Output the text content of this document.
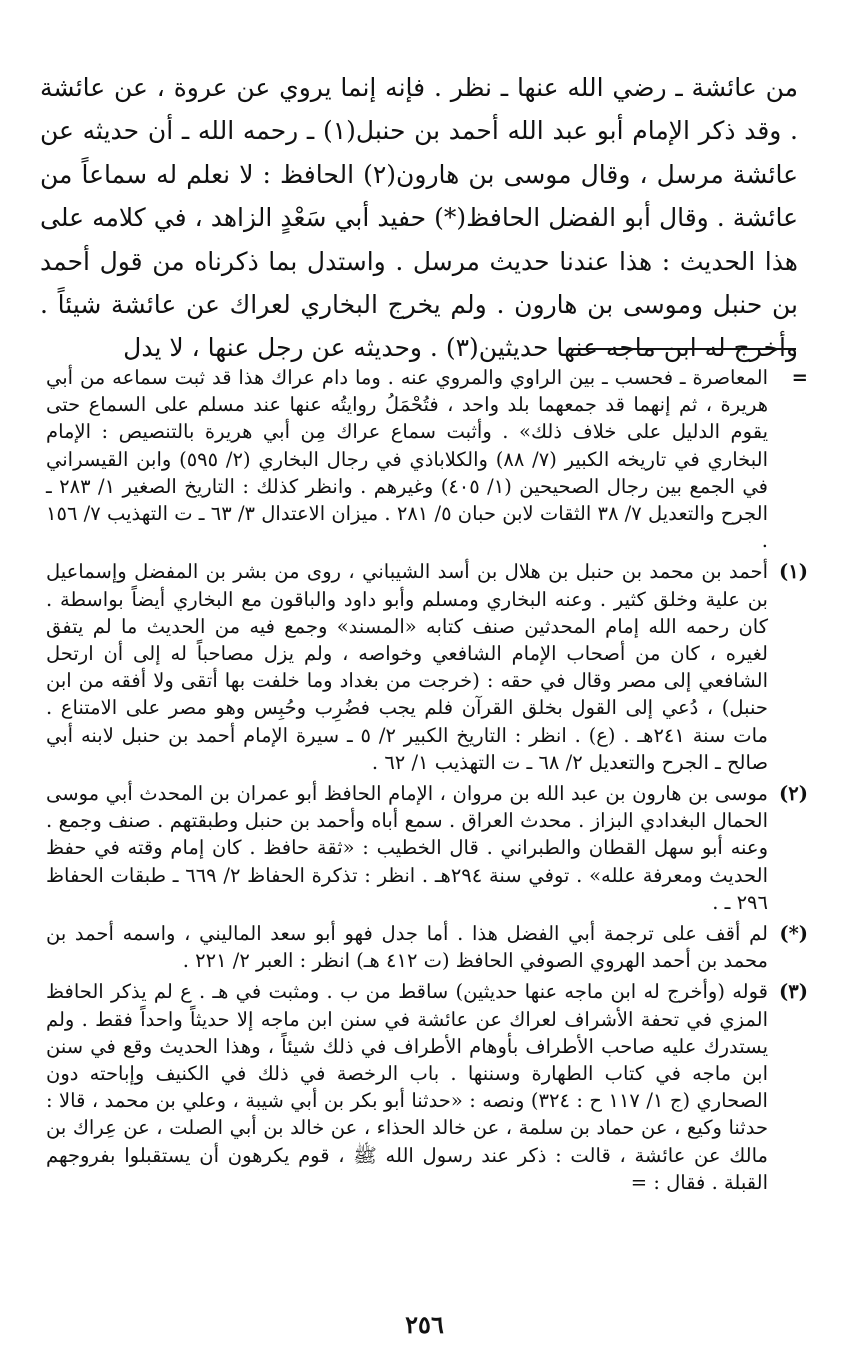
من عائشة ـ رضي الله عنها ـ نظر . فإنه إنما يروي عن عروة ، عن عائشة . وقد ذكر الإمام أبو عبد الله أحمد بن حنبل(١) ـ رحمه الله ـ أن حديثه عن عائشة مرسل ، وقال موسى بن هارون(٢) الحافظ : لا نعلم له سماعاً من عائشة . وقال أبو الفضل الحافظ(*) حفيد أبي سَعْدٍ الزاهد ، في كلامه على هذا الحديث : هذا عندنا حديث مرسل . واستدل بما ذكرناه من قول أحمد بن حنبل وموسى بن هارون . ولم يخرج البخاري لعراك عن عائشة شيئاً . وأخرج له ابن ماجه عنها حديثين(٣) . وحديثه عن رجل عنها ، لا يدل

=
المعاصرة ـ فحسب ـ بين الراوي والمروي عنه . وما دام عراك هذا قد ثبت سماعه من أبي هريرة ، ثم إنهما قد جمعهما بلد واحد ، فتُحْمَلُ روايتُه عنها عند مسلم على السماع حتى يقوم الدليل على خلاف ذلك» . وأثبت سماع عراك مِن أبي هريرة بالتنصيص : الإمام البخاري في تاريخه الكبير (٧/ ٨٨) والكلاباذي في رجال البخاري (٢/ ٥٩٥) وابن القيسراني في الجمع بين رجال الصحيحين (١/ ٤٠٥) وغيرهم . وانظر كذلك : التاريخ الصغير ١/ ٢٨٣ ـ الجرح والتعديل ٧/ ٣٨ الثقات لابن حبان ٥/ ٢٨١ . ميزان الاعتدال ٣/ ٦٣ ـ ت التهذيب ٧/ ١٥٦ .
(١)
أحمد بن محمد بن حنبل بن هلال بن أسد الشيباني ، روى من بشر بن المفضل وإسماعيل بن علية وخلق كثير . وعنه البخاري ومسلم وأبو داود والباقون مع البخاري أيضاً بواسطة . كان رحمه الله إمام المحدثين صنف كتابه «المسند» وجمع فيه من الحديث ما لم يتفق لغيره ، كان من أصحاب الإمام الشافعي وخواصه ، ولم يزل مصاحباً له إلى أن ارتحل الشافعي إلى مصر وقال في حقه : (خرجت من بغداد وما خلفت بها أتقى ولا أفقه من ابن حنبل) ، دُعي إلى القول بخلق القرآن فلم يجب فضُرِب وحُبِس وهو مصر على الامتناع . مات سنة ٢٤١هـ . (ع) . انظر : التاريخ الكبير ٢/ ٥ ـ سيرة الإمام أحمد بن حنبل لابنه أبي صالح ـ الجرح والتعديل ٢/ ٦٨ ـ ت التهذيب ١/ ٦٢ .
(٢)
موسى بن هارون بن عبد الله بن مروان ، الإمام الحافظ أبو عمران بن المحدث أبي موسى الحمال البغدادي البزاز . محدث العراق . سمع أباه وأحمد بن حنبل وطبقتهم . صنف وجمع . وعنه أبو سهل القطان والطبراني . قال الخطيب : «ثقة حافظ . كان إمام وقته في حفظ الحديث ومعرفة علله» . توفي سنة ٢٩٤هـ . انظر : تذكرة الحفاظ ٢/ ٦٦٩ ـ طبقات الحفاظ ٢٩٦ ـ .
(*)
لم أقف على ترجمة أبي الفضل هذا . أما جدل فهو أبو سعد الماليني ، واسمه أحمد بن محمد بن أحمد الهروي الصوفي الحافظ (ت ٤١٢ هـ) انظر : العبر ٢/ ٢٢١ .
(٣)
قوله (وأخرج له ابن ماجه عنها حديثين) ساقط من ب . ومثبت في هـ . ع لم يذكر الحافظ المزي في تحفة الأشراف لعراك عن عائشة في سنن ابن ماجه إلا حديثاً واحداً فقط . ولم يستدرك عليه صاحب الأطراف بأوهام الأطراف في ذلك شيئاً ، وهذا الحديث وقع في سنن ابن ماجه في كتاب الطهارة وسننها . باب الرخصة في ذلك في الكنيف وإباحته دون الصحاري (ج ١/ ١١٧ ح : ٣٢٤) ونصه : «حدثنا أبو بكر بن أبي شيبة ، وعلي بن محمد ، قالا : حدثنا وكيع ، عن حماد بن سلمة ، عن خالد الحذاء ، عن خالد بن أبي الصلت ، عن عِراك بن مالك عن عائشة ، قالت : ذكر عند رسول الله ﷺ ، قوم يكرهون أن يستقبلوا بفروجهم القبلة . فقال : =
٢٥٦
